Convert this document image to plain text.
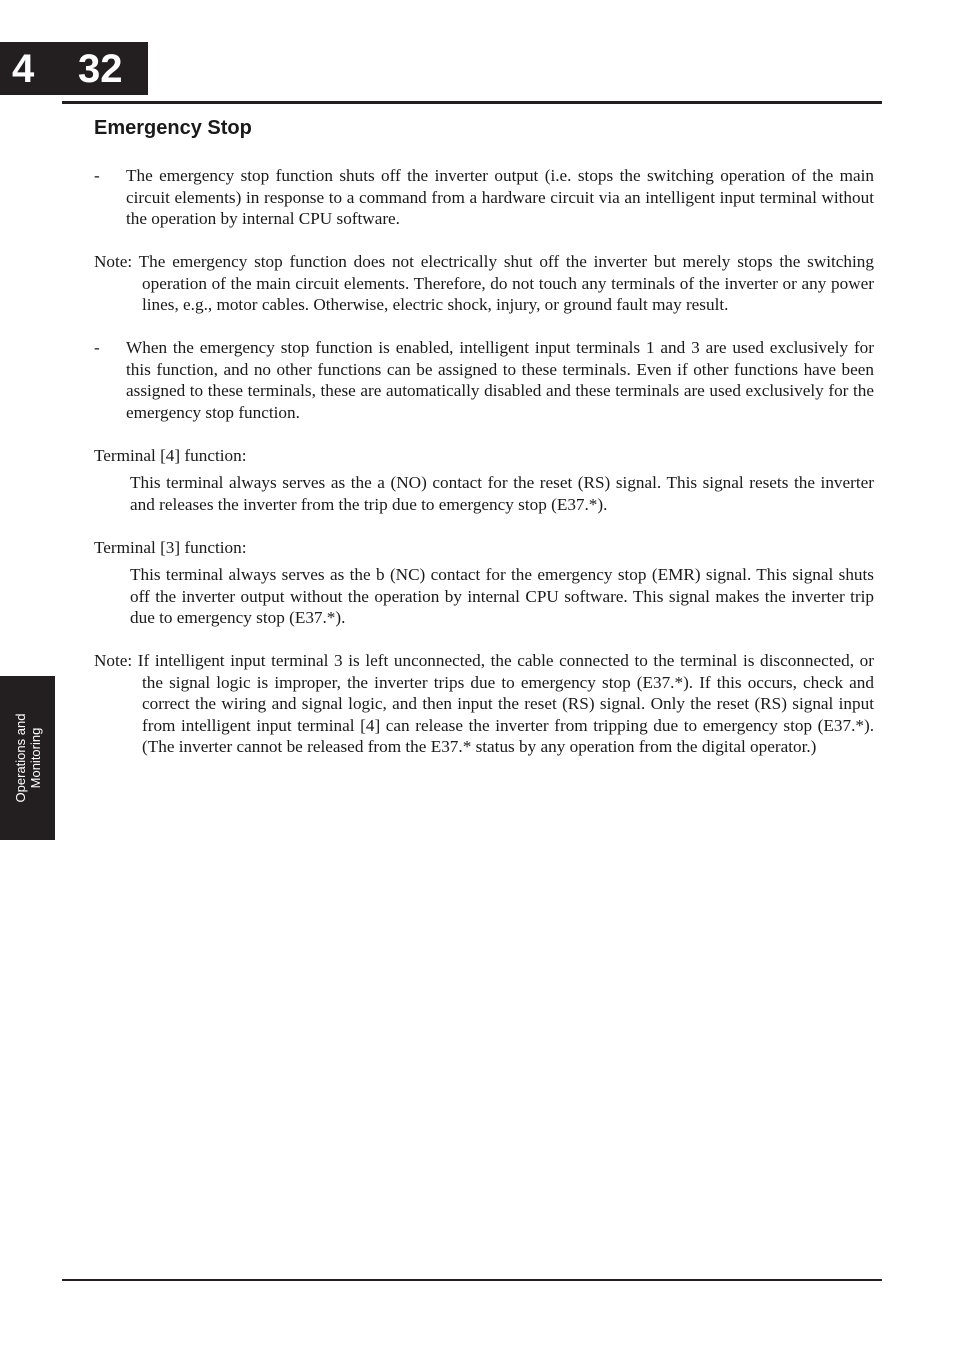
4 32
Operations and Monitoring
Emergency Stop

- The emergency stop function shuts off the inverter output (i.e. stops the switching operation of the main circuit elements) in response to a command from a hardware circuit via an intelligent input terminal without the operation by internal CPU software.

Note: The emergency stop function does not electrically shut off the inverter but merely stops the switching operation of the main circuit elements. Therefore, do not touch any terminals of the inverter or any power lines, e.g., motor cables. Otherwise, electric shock, injury, or ground fault may result.

- When the emergency stop function is enabled, intelligent input terminals 1 and 3 are used exclusively for this function, and no other functions can be assigned to these terminals. Even if other functions have been assigned to these terminals, these are automatically disabled and these terminals are used exclusively for the emergency stop function.

Terminal [4] function:

This terminal always serves as the a (NO) contact for the reset (RS) signal. This signal resets the inverter and releases the inverter from the trip due to emergency stop (E37.*).

Terminal [3] function:

This terminal always serves as the b (NC) contact for the emergency stop (EMR) signal. This signal shuts off the inverter output without the operation by internal CPU software. This signal makes the inverter trip due to emergency stop (E37.*).

Note: If intelligent input terminal 3 is left unconnected, the cable connected to the terminal is disconnected, or the signal logic is improper, the inverter trips due to emergency stop (E37.*). If this occurs, check and correct the wiring and signal logic, and then input the reset (RS) signal. Only the reset (RS) signal input from intelligent input terminal [4] can release the inverter from tripping due to emergency stop (E37.*). (The inverter cannot be released from the E37.* status by any operation from the digital operator.)
